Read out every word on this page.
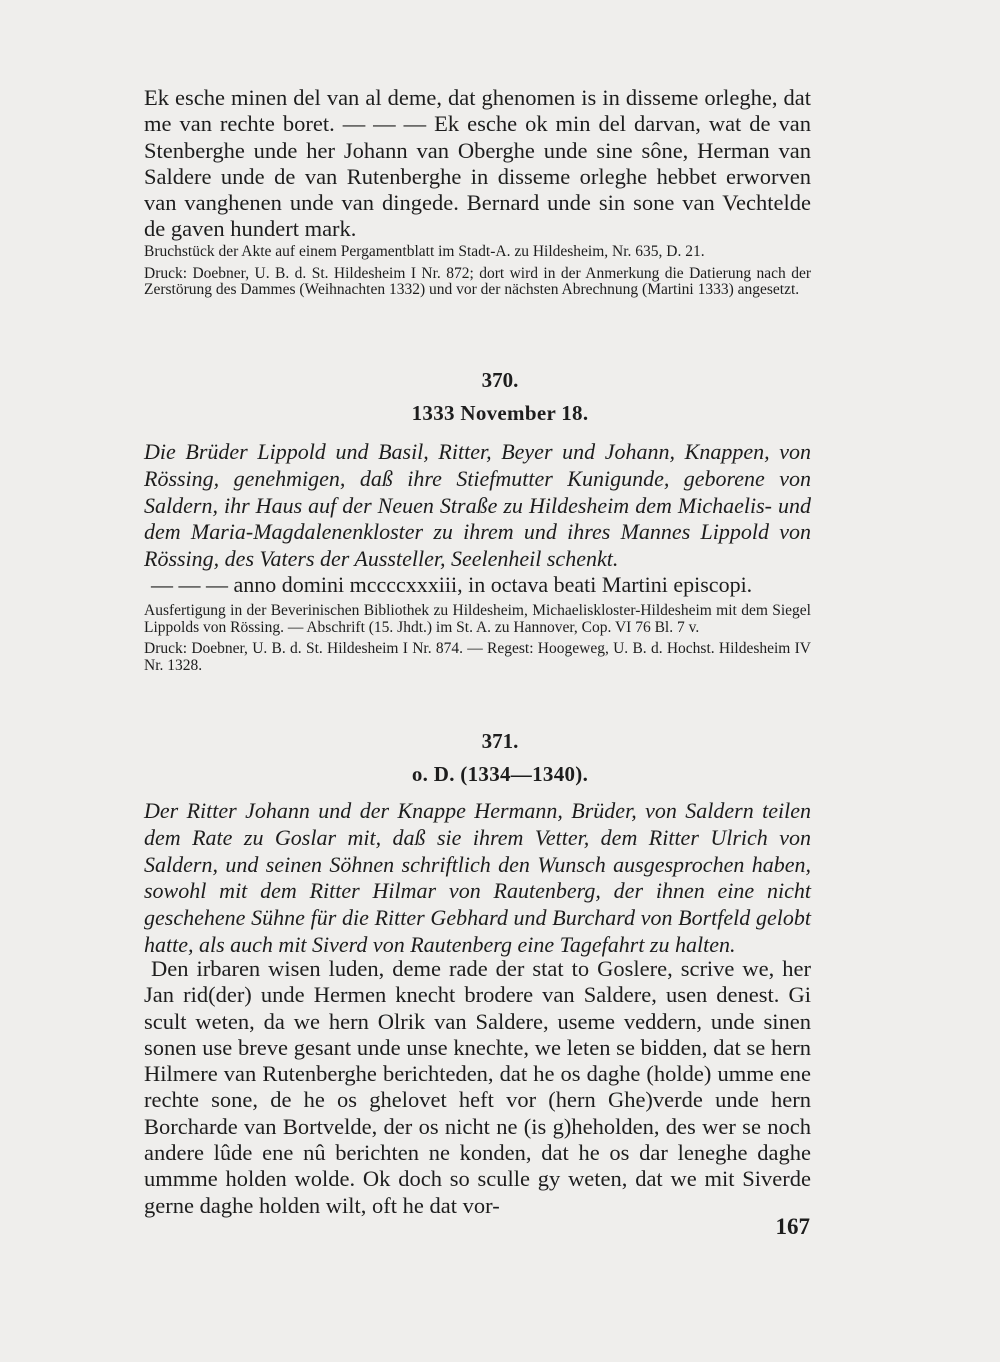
Ek esche minen del van al deme, dat ghenomen is in disseme orleghe, dat me van rechte boret. — — — Ek esche ok min del darvan, wat de van Stenberghe unde her Johann van Oberghe unde sine sône, Herman van Saldere unde de van Rutenberghe in disseme orleghe hebbet erworven van vanghenen unde van dingede. Bernard unde sin sone van Vechtelde de gaven hundert mark.

Bruchstück der Akte auf einem Pergamentblatt im Stadt-A. zu Hildesheim, Nr. 635, D. 21.

Druck: Doebner, U. B. d. St. Hildesheim I Nr. 872; dort wird in der Anmerkung die Datierung nach der Zerstörung des Dammes (Weihnachten 1332) und vor der nächsten Abrechnung (Martini 1333) angesetzt.

370.
1333 November 18.

Die Brüder Lippold und Basil, Ritter, Beyer und Johann, Knappen, von Rössing, genehmigen, daß ihre Stiefmutter Kunigunde, geborene von Saldern, ihr Haus auf der Neuen Straße zu Hildesheim dem Michaelis- und dem Maria-Magdalenenkloster zu ihrem und ihres Mannes Lippold von Rössing, des Vaters der Aussteller, Seelenheil schenkt.

— — — anno domini mccccxxxiii, in octava beati Martini episcopi.

Ausfertigung in der Beverinischen Bibliothek zu Hildesheim, Michaeliskloster-Hildesheim mit dem Siegel Lippolds von Rössing. — Abschrift (15. Jhdt.) im St. A. zu Hannover, Cop. VI 76 Bl. 7 v.

Druck: Doebner, U. B. d. St. Hildesheim I Nr. 874. — Regest: Hoogeweg, U. B. d. Hochst. Hildesheim IV Nr. 1328.

371.
o. D. (1334—1340).

Der Ritter Johann und der Knappe Hermann, Brüder, von Saldern teilen dem Rate zu Goslar mit, daß sie ihrem Vetter, dem Ritter Ulrich von Saldern, und seinen Söhnen schriftlich den Wunsch ausgesprochen haben, sowohl mit dem Ritter Hilmar von Rautenberg, der ihnen eine nicht geschehene Sühne für die Ritter Gebhard und Burchard von Bortfeld gelobt hatte, als auch mit Siverd von Rautenberg eine Tagefahrt zu halten.

Den irbaren wisen luden, deme rade der stat to Goslere, scrive we, her Jan rid(der) unde Hermen knecht brodere van Saldere, usen denest. Gi scult weten, da we hern Olrik van Saldere, useme veddern, unde sinen sonen use breve gesant unde unse knechte, we leten se bidden, dat se hern Hilmere van Rutenberghe berichteden, dat he os daghe (holde) umme ene rechte sone, de he os ghelovet heft vor (hern Ghe)verde unde hern Borcharde van Bortvelde, der os nicht ne (is g)heholden, des wer se noch andere lûde ene nû berichten ne konden, dat he os dar leneghe daghe ummme holden wolde. Ok doch so sculle gy weten, dat we mit Siverde gerne daghe holden wilt, oft he dat vor-

167
